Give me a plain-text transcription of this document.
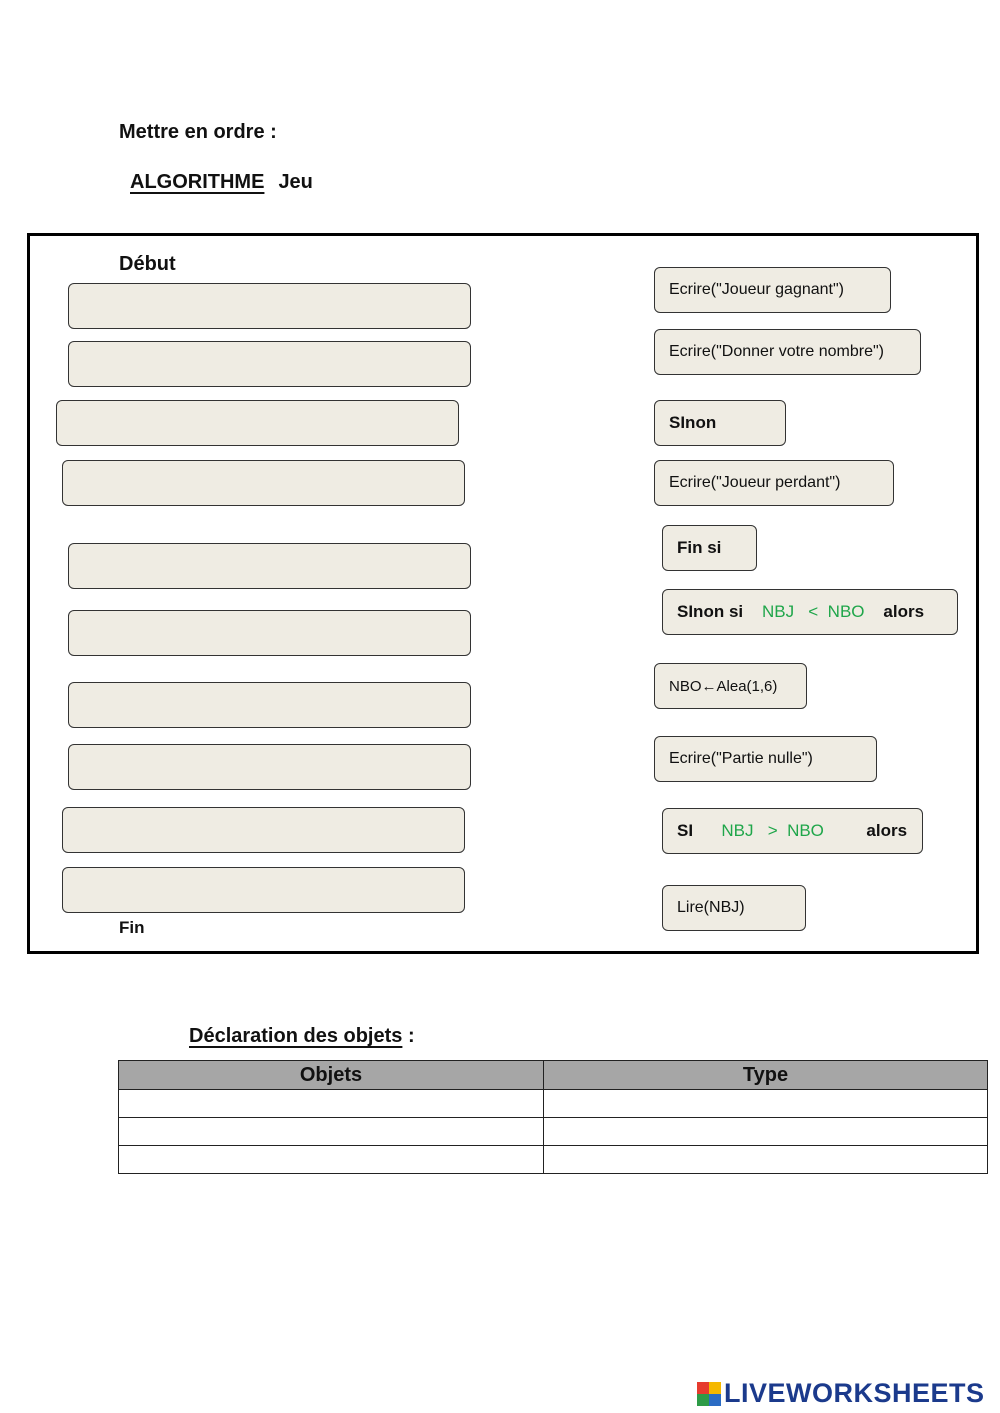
Mettre en ordre :
ALGORITHME Jeu
Début
Fin
Ecrire("Joueur gagnant")
Ecrire("Donner votre nombre")
SInon
Ecrire("Joueur perdant")
Fin si
SInon si NBJ   <  NBO alors
NBO ← Alea(1,6)
Ecrire("Partie nulle")
SI NBJ   >  NBO alors
Lire(NBJ)
Déclaration des objets :
Objets	Type

LIVEWORKSHEETS
